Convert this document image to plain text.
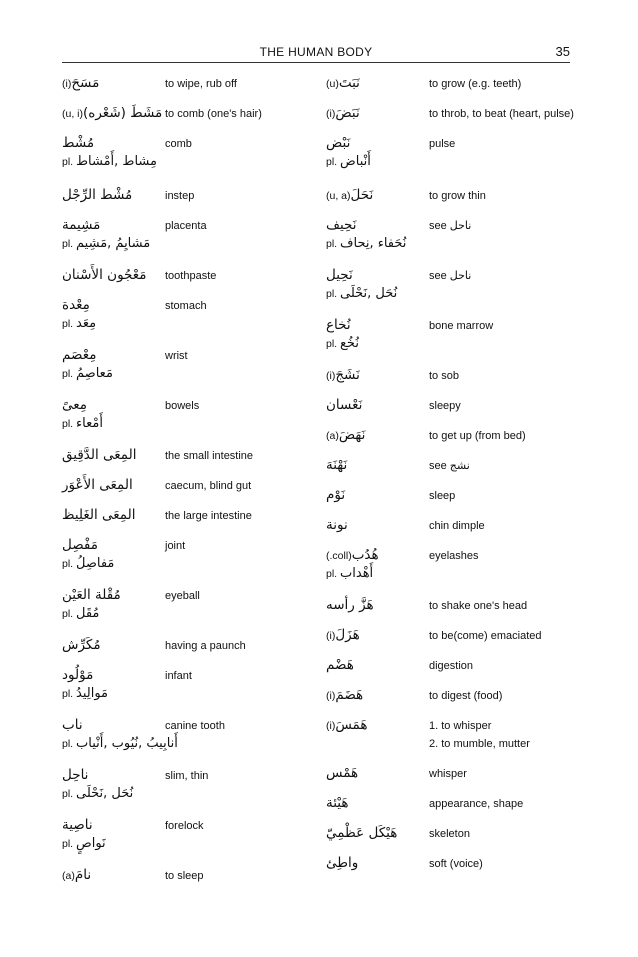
THE HUMAN BODY	35
مَسَحَ(i)	to wipe, rub off
مَشَطَ (شَعْره)(u, i)	to comb (one's hair)
مُشْط	comb
pl. مِشاط ,أَمْشاط
مُشْط الرِّجْل	instep
مَشِيمة	placenta
pl. مَشايِمُ ,مَشِيم
مَعْجُون الأَسْنان	toothpaste
مِعْدة	stomach
pl. مِعَد
مِعْصَم	wrist
pl. مَعاصِمُ
مِعىً	bowels
pl. أَمْعاء
المِعَى الدَّقِيق	the small intestine
المِعَى الأَعْوَر	caecum, blind gut
المِعَى الغَلِيظ	the large intestine
مَفْصِل	joint
pl. مَفاصِلُ
مُقْلة العَيْن	eyeball
pl. مُقَل
مُكَرِّش	having a paunch
مَوْلُود	infant
pl. مَوالِيدُ
ناب	canine tooth
pl. أَنابِيبُ ,نُيُوب ,أَنْياب
ناحِل	slim, thin
pl. نُحَل ,نَحْلَى
ناصِية	forelock
pl. نَواصٍ
نامَ(a)	to sleep
نَبَتَ(u)	to grow (e.g. teeth)
نَبَضَ(i)	to throb, to beat (heart, pulse)
نَبْض	pulse
pl. أَنْباض
نَحَلَ(u, a)	to grow thin
نَحِيف	see ناحل
pl. نُحَفاء ,نِحاف
نَحِيل	see ناحل
pl. نُحَل ,نَحْلَى
نُخاع	bone marrow
pl. نُخُع
نَشَجَ(i)	to sob
نَعْسان	sleepy
نَهَضَ(a)	to get up (from bed)
نَهْنَهَ	see نشج
نَوْم	sleep
نونة	chin dimple
هُدُب(coll.)	eyelashes
pl. أَهْداب
هَزَّ رأسه	to shake one's head
هَزَلَ(i)	to be(come) emaciated
هَضْم	digestion
هَضَمَ(i)	to digest (food)
هَمَسَ(i)	1. to whisper
2. to mumble, mutter
هَمْس	whisper
هَيْئة	appearance, shape
هَيْكَل عَظْمِيّ	skeleton
واطِئ	soft (voice)
